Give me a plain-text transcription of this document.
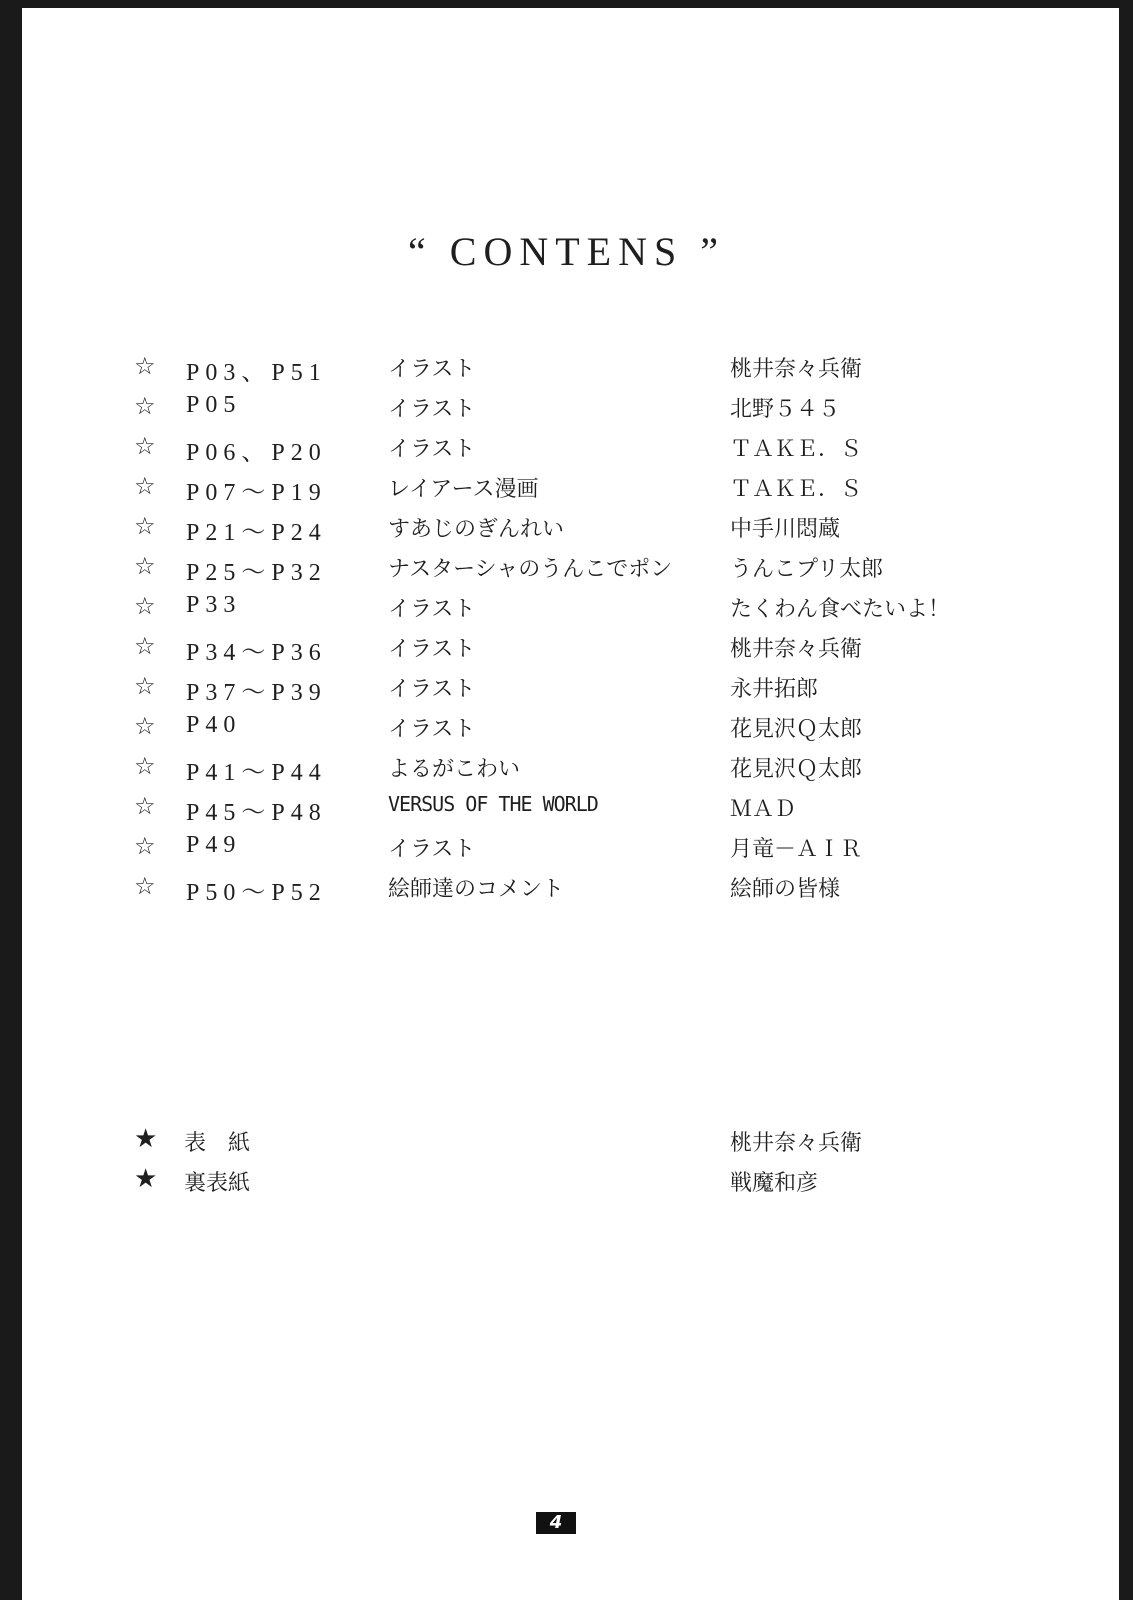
“ CONTENS ”
☆ P03、P51	イラスト	桃井奈々兵衛
☆ P05	イラスト	北野５４５
☆ P06、P20	イラスト	ＴＡＫＥ．Ｓ
☆ P07～P19	レイアース漫画	ＴＡＫＥ．Ｓ
☆ P21～P24	すあじのぎんれい	中手川悶蔵
☆ P25～P32	ナスターシャのうんこでポン	うんこプリ太郎
☆ P33	イラスト	たくわん食べたいよ！
☆ P34～P36	イラスト	桃井奈々兵衛
☆ P37～P39	イラスト	永井拓郎
☆ P40	イラスト	花見沢Ｑ太郎
☆ P41～P44	よるがこわい	花見沢Ｑ太郎
☆ P45～P48	VERSUS OF THE WORLD	ＭＡＤ
☆ P49	イラスト	月竜－ＡＩＲ
☆ P50～P52	絵師達のコメント	絵師の皆様
★ 表　紙	桃井奈々兵衛
★ 裏表紙	戦魔和彦
4
